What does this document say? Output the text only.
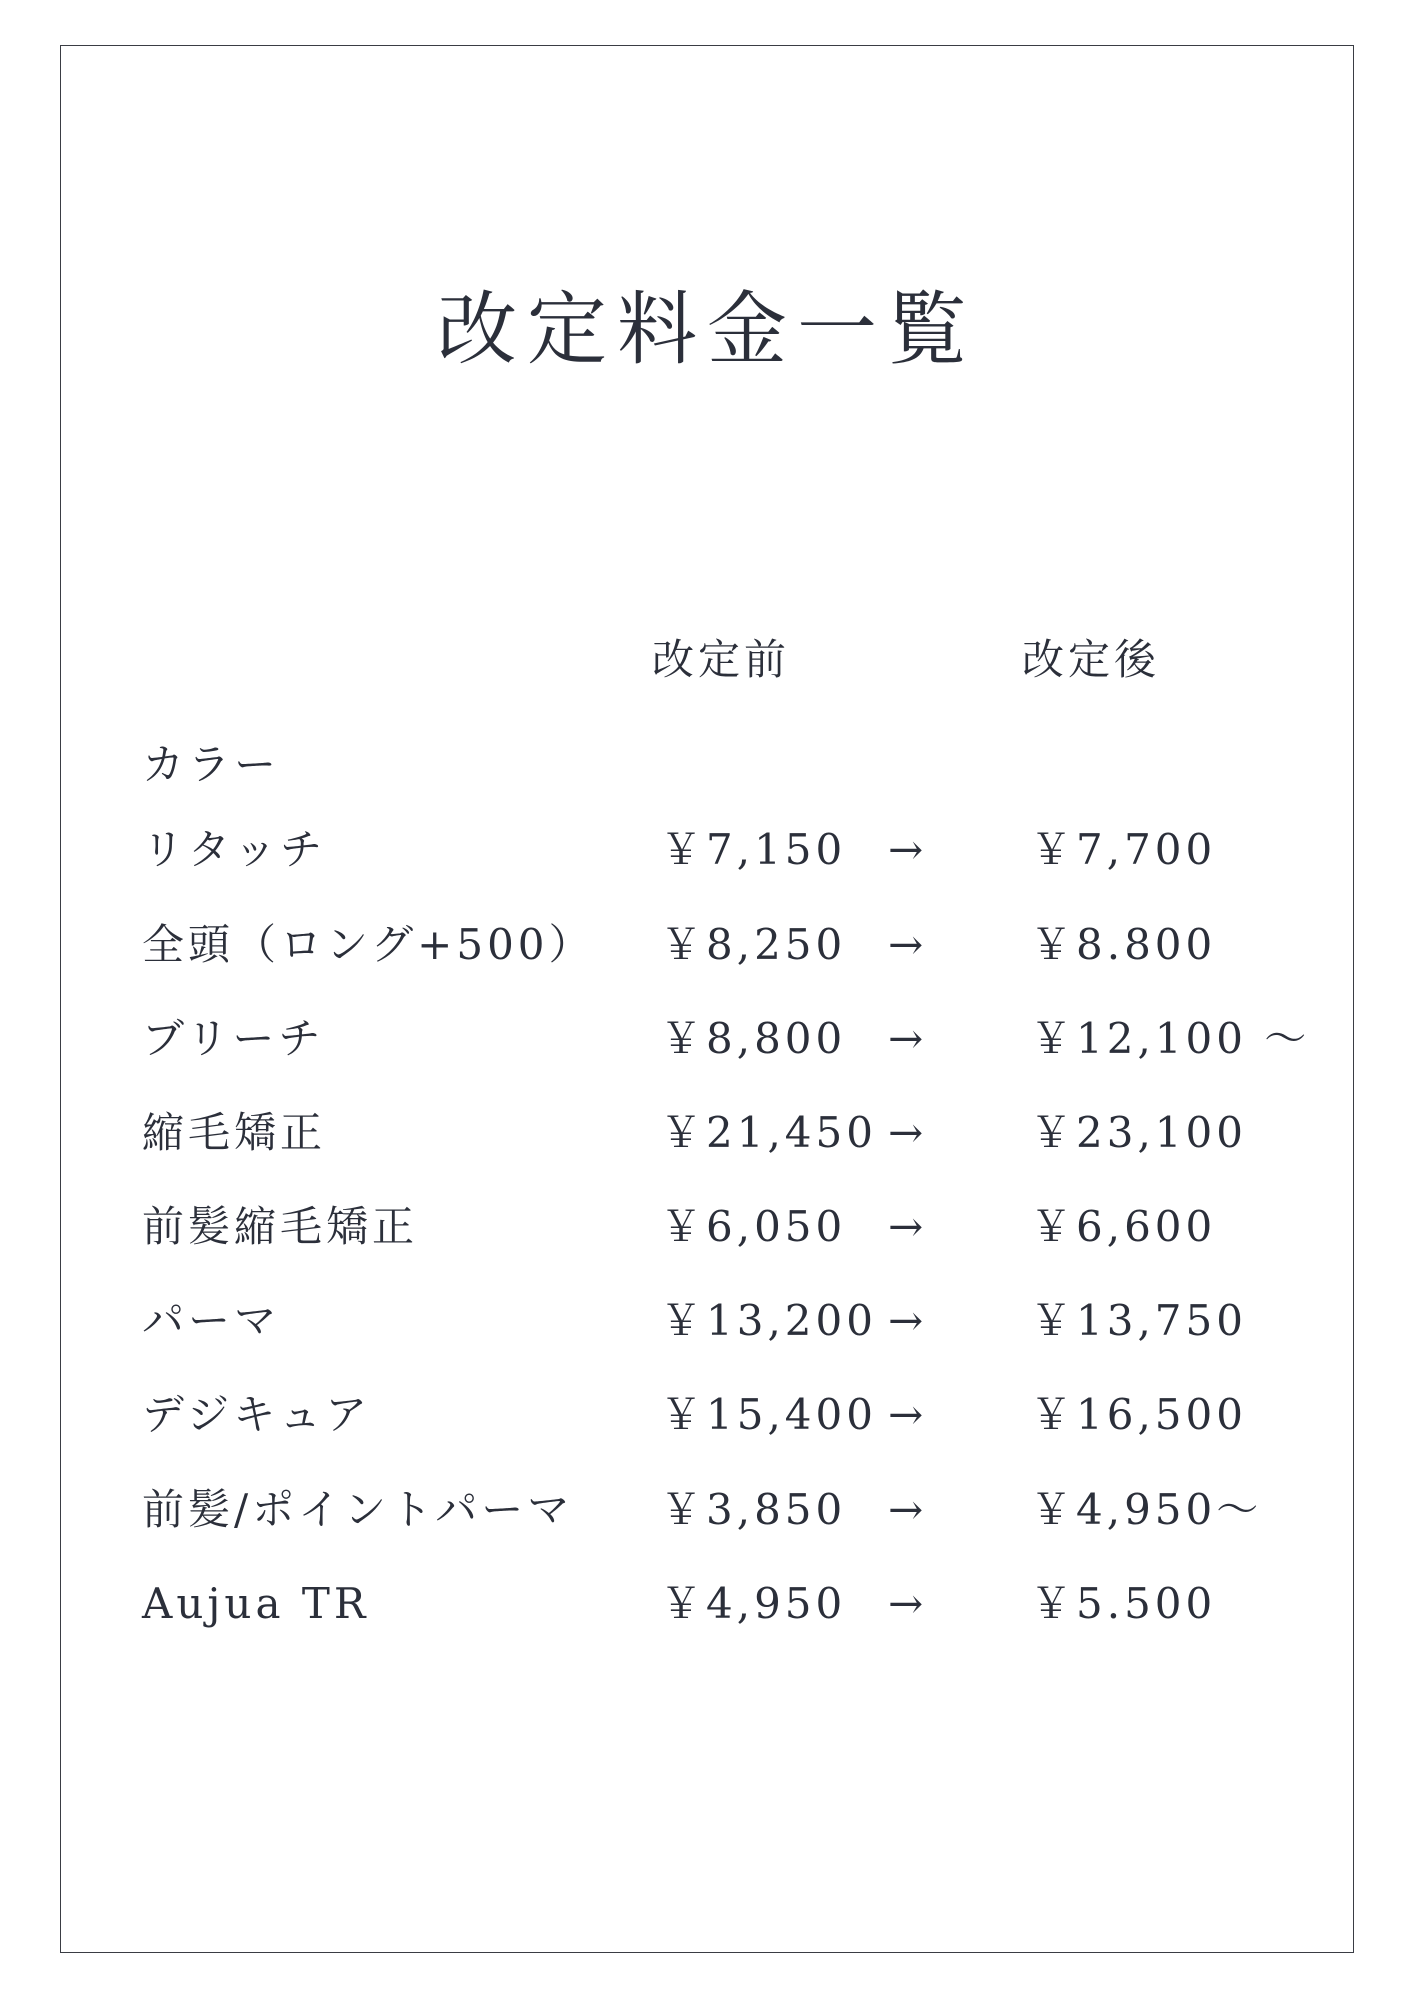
改定料金一覧
改定前	改定後
カラー
リタッチ	￥7,150 → ￥7,700
全頭（ロング+500） ￥8,250 → ￥8.800
ブリーチ	￥8,800 → ￥12,100 〜
縮毛矯正	￥21,450 → ￥23,100
前髪縮毛矯正	￥6,050 → ￥6,600
パーマ	￥13,200 → ￥13,750
デジキュア	￥15,400 → ￥16,500
前髪/ポイントパーマ ￥3,850 → ￥4,950〜
Aujua TR	￥4,950 → ￥5.500
